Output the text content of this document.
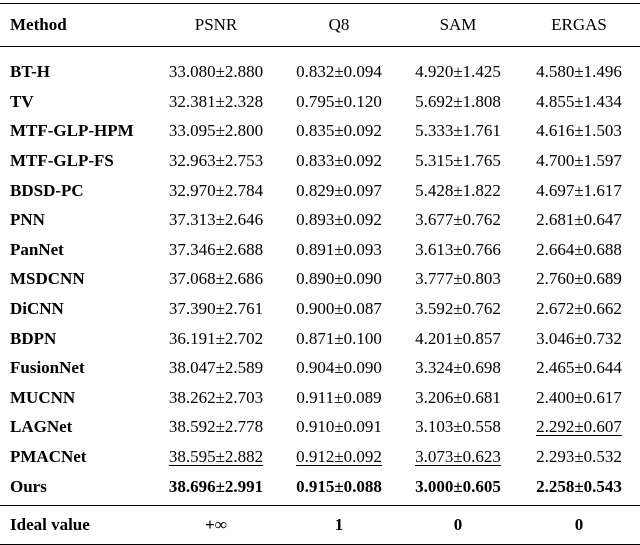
Method	PSNR	Q8	SAM	ERGAS
BT-H	33.080±2.880	0.832±0.094	4.920±1.425	4.580±1.496
TV	32.381±2.328	0.795±0.120	5.692±1.808	4.855±1.434
MTF-GLP-HPM	33.095±2.800	0.835±0.092	5.333±1.761	4.616±1.503
MTF-GLP-FS	32.963±2.753	0.833±0.092	5.315±1.765	4.700±1.597
BDSD-PC	32.970±2.784	0.829±0.097	5.428±1.822	4.697±1.617
PNN	37.313±2.646	0.893±0.092	3.677±0.762	2.681±0.647
PanNet	37.346±2.688	0.891±0.093	3.613±0.766	2.664±0.688
MSDCNN	37.068±2.686	0.890±0.090	3.777±0.803	2.760±0.689
DiCNN	37.390±2.761	0.900±0.087	3.592±0.762	2.672±0.662
BDPN	36.191±2.702	0.871±0.100	4.201±0.857	3.046±0.732
FusionNet	38.047±2.589	0.904±0.090	3.324±0.698	2.465±0.644
MUCNN	38.262±2.703	0.911±0.089	3.206±0.681	2.400±0.617
LAGNet	38.592±2.778	0.910±0.091	3.103±0.558	2.292±0.607
PMACNet	38.595±2.882	0.912±0.092	3.073±0.623	2.293±0.532
Ours	38.696±2.991	0.915±0.088	3.000±0.605	2.258±0.543
Ideal value	+∞	1	0	0
